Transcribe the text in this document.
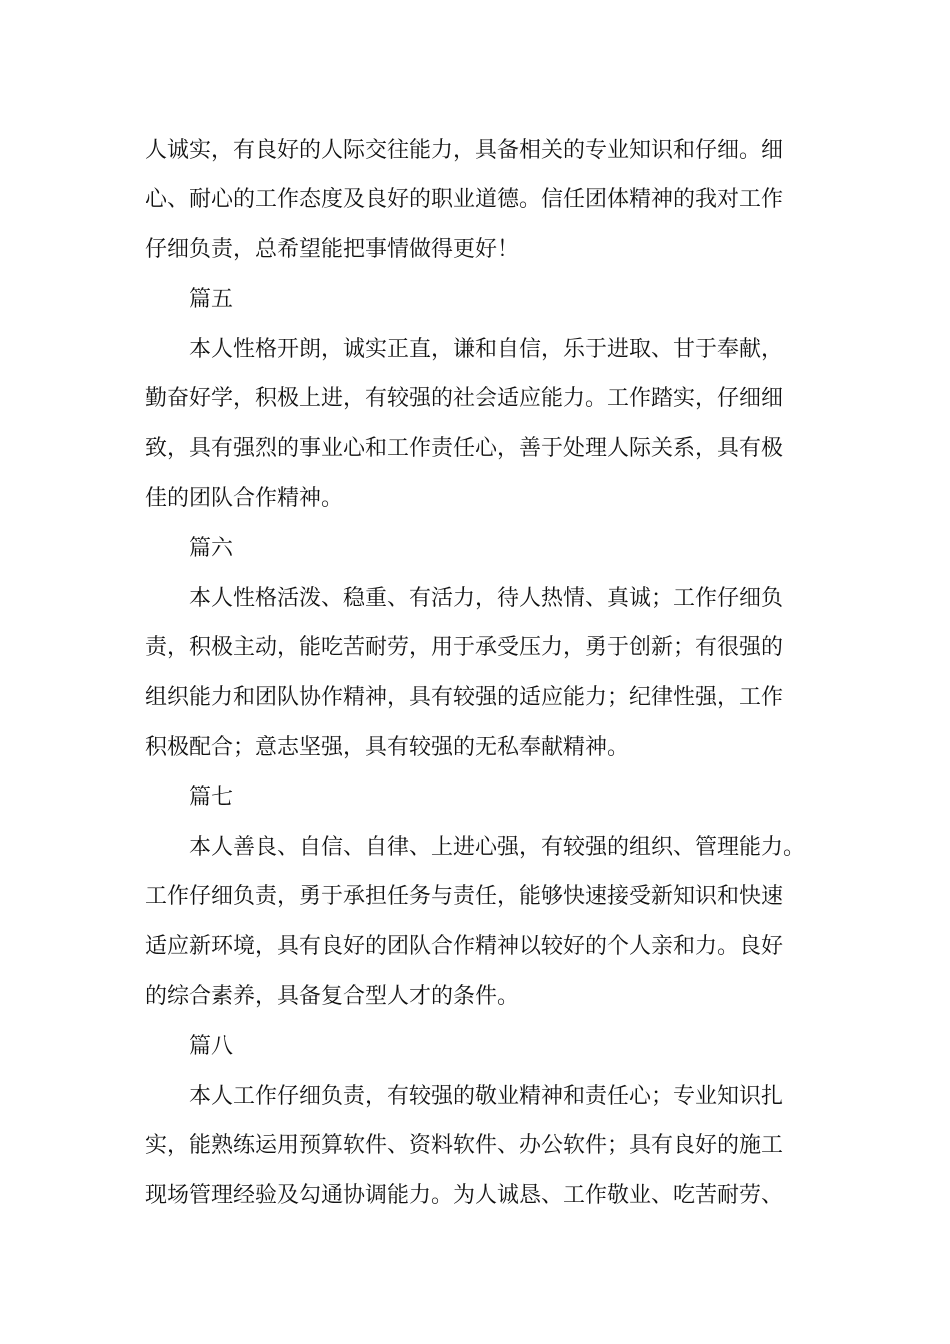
人诚实，有良好的人际交往能力，具备相关的专业知识和仔细。细
心、耐心的工作态度及良好的职业道德。信任团体精神的我对工作
仔细负责，总希望能把事情做得更好！
篇五
本人性格开朗，诚实正直，谦和自信，乐于进取、甘于奉献，
勤奋好学，积极上进，有较强的社会适应能力。工作踏实，仔细细
致，具有强烈的事业心和工作责任心，善于处理人际关系，具有极
佳的团队合作精神。
篇六
本人性格活泼、稳重、有活力，待人热情、真诚；工作仔细负
责，积极主动，能吃苦耐劳，用于承受压力，勇于创新；有很强的
组织能力和团队协作精神，具有较强的适应能力；纪律性强，工作
积极配合；意志坚强，具有较强的无私奉献精神。
篇七
本人善良、自信、自律、上进心强，有较强的组织、管理能力。
工作仔细负责，勇于承担任务与责任，能够快速接受新知识和快速
适应新环境，具有良好的团队合作精神以较好的个人亲和力。良好
的综合素养，具备复合型人才的条件。
篇八
本人工作仔细负责，有较强的敬业精神和责任心；专业知识扎
实，能熟练运用预算软件、资料软件、办公软件；具有良好的施工
现场管理经验及勾通协调能力。为人诚恳、工作敬业、吃苦耐劳、
